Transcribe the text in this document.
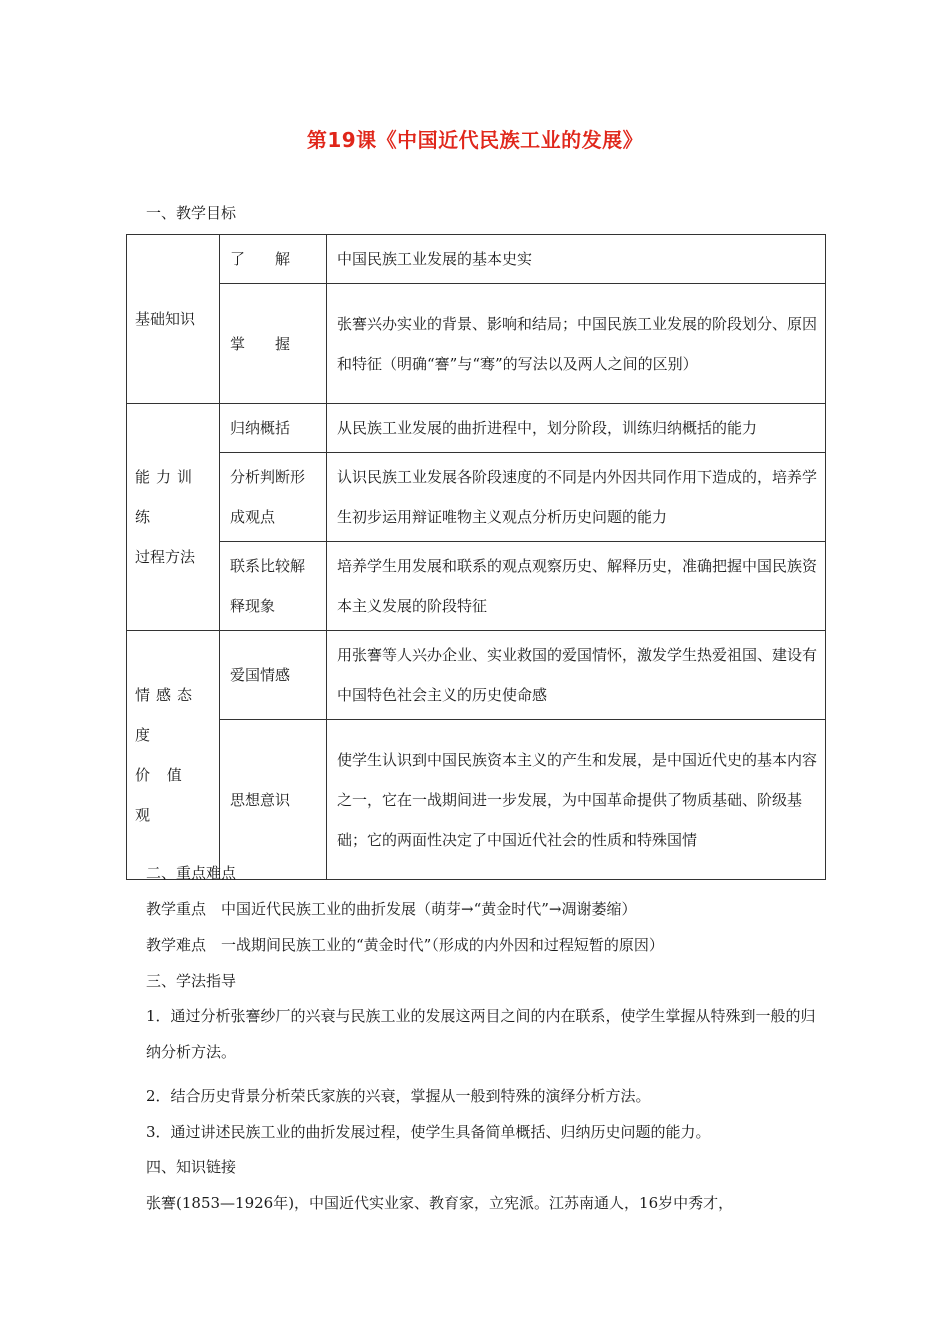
第19课《中国近代民族工业的发展》
一、教学目标
基础知识	了　　解	中国民族工业发展的基本史实
	掌　　握	张謇兴办实业的背景、影响和结局；中国民族工业发展的阶段划分、原因和特征（明确“謇”与“骞”的写法以及两人之间的区别）

能力训练
过程方法	归纳概括	从民族工业发展的曲折进程中，划分阶段，训练归纳概括的能力
	分析判断形成观点	认识民族工业发展各阶段速度的不同是内外因共同作用下造成的，培养学生初步运用辩证唯物主义观点分析历史问题的能力
	联系比较解释现象	培养学生用发展和联系的观点观察历史、解释历史，准确把握中国民族资本主义发展的阶段特征

情感态度
价 值 观	爱国情感	用张謇等人兴办企业、实业救国的爱国情怀，激发学生热爱祖国、建设有中国特色社会主义的历史使命感
	思想意识	使学生认识到中国民族资本主义的产生和发展，是中国近代史的基本内容之一，它在一战期间进一步发展，为中国革命提供了物质基础、阶级基础；它的两面性决定了中国近代社会的性质和特殊国情
二、重点难点
教学重点　中国近代民族工业的曲折发展（萌芽→“黄金时代”→凋谢萎缩）
教学难点　一战期间民族工业的“黄金时代”（形成的内外因和过程短暂的原因）
三、学法指导
1．通过分析张謇纱厂的兴衰与民族工业的发展这两目之间的内在联系，使学生掌握从特殊到一般的归纳分析方法。
2．结合历史背景分析荣氏家族的兴衰，掌握从一般到特殊的演绎分析方法。
3．通过讲述民族工业的曲折发展过程，使学生具备简单概括、归纳历史问题的能力。
四、知识链接
张謇(1853—1926年)，中国近代实业家、教育家，立宪派。江苏南通人，16岁中秀才，
